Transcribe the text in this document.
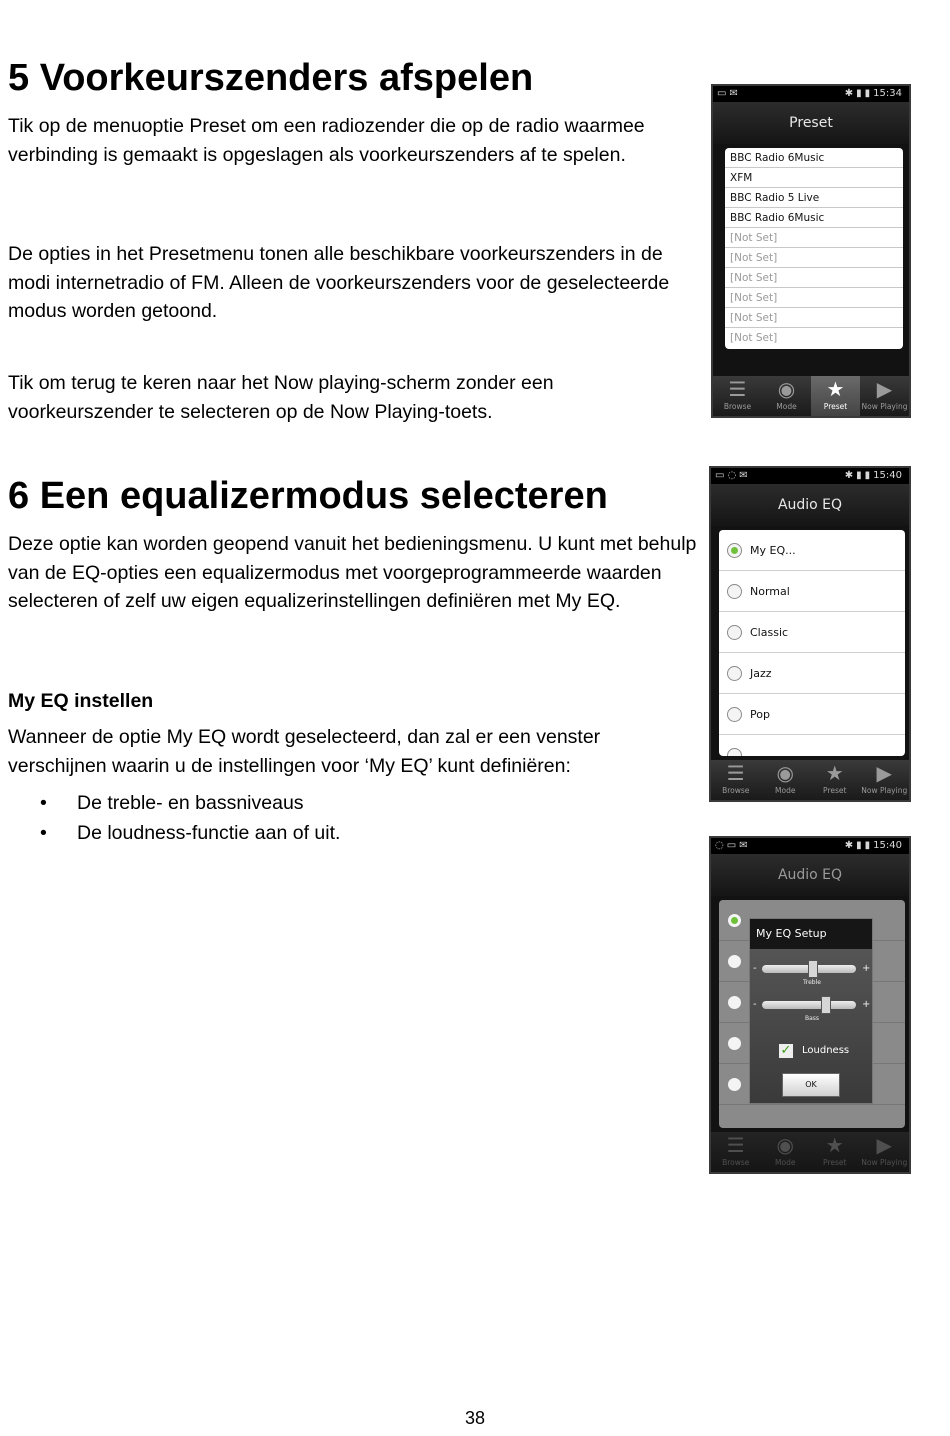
5 Voorkeurszenders afspelen

Tik op de menuoptie Preset om een radiozender die op de radio waarmee verbinding is gemaakt is opgeslagen als voorkeurszenders af te spelen.

De opties in het Presetmenu tonen alle beschikbare voorkeurszenders in de modi internetradio of FM. Alleen de voorkeurszenders voor de geselecteerde modus worden getoond.

Tik om terug te keren naar het Now playing-scherm zonder een voorkeurszender te selecteren op de Now Playing-toets.

6 Een equalizermodus selecteren

Deze optie kan worden geopend vanuit het bedieningsmenu. U kunt met behulp van de EQ-opties een equalizermodus met voorgeprogrammeerde waarden selecteren of zelf uw eigen equalizerinstellingen definiëren met My EQ.

My EQ instellen

Wanneer de optie My EQ wordt geselecteerd, dan zal er een venster verschijnen waarin u de instellingen voor ‘My EQ’ kunt definiëren:

• De treble- en bassniveaus
• De loudness-functie aan of uit.
▭ ✉	✱ ▮ ▮ 15:34
Preset
BBC Radio 6Music
XFM
BBC Radio 5 Live
BBC Radio 6Music
[Not Set]
[Not Set]
[Not Set]
[Not Set]
[Not Set]
[Not Set]
☰
Browse
◉
Mode
★
Preset
▶
Now Playing
▭ ◌ ✉	✱ ▮ ▮ 15:40
Audio EQ
My EQ...
Normal
Classic
Jazz
Pop
☰
Browse
◉
Mode
★
Preset
▶
Now Playing
◌ ▭ ✉	✱ ▮ ▮ 15:40
Audio EQ
My EQ Setup
-	+
Treble
-	+
Bass
✓ Loudness
OK
☰
Browse
◉
Mode
★
Preset
▶
Now Playing
38
